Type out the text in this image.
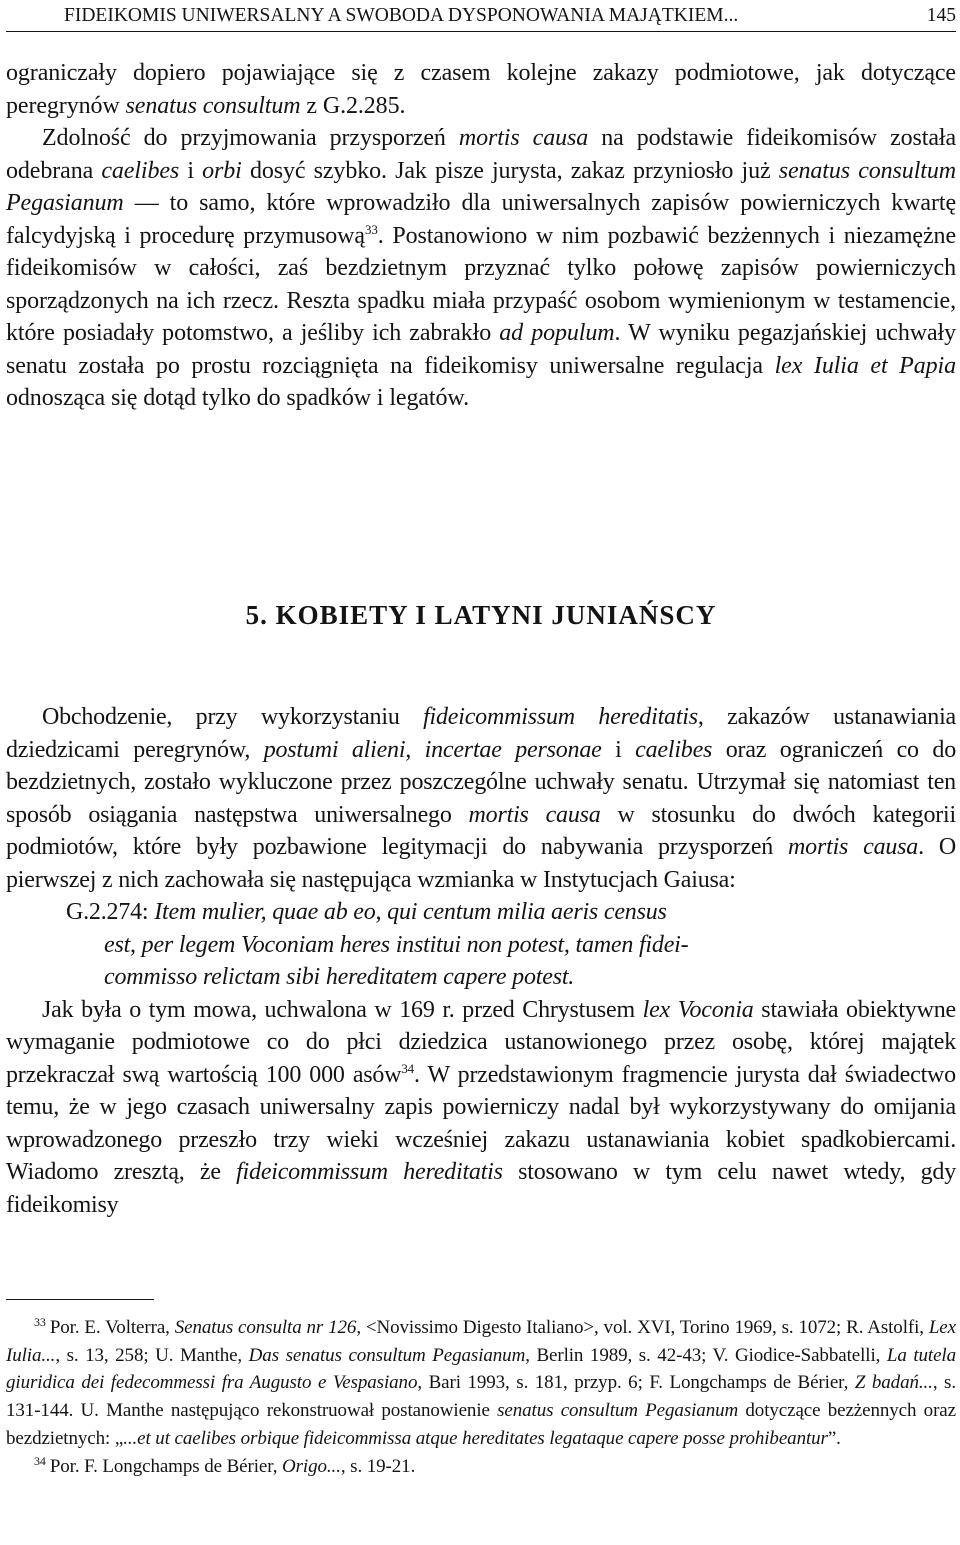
FIDEIKOMIS UNIWERSALNY A SWOBODA DYSPONOWANIA MAJĄTKIEM...	145

ograniczały dopiero pojawiające się z czasem kolejne zakazy podmiotowe, jak dotyczące peregrynów senatus consultum z G.2.285.

Zdolność do przyjmowania przysporzeń mortis causa na podstawie fideikomisów została odebrana caelibes i orbi dosyć szybko. Jak pisze jurysta, zakaz przyniosło już senatus consultum Pegasianum — to samo, które wprowadziło dla uniwersalnych zapisów powierniczych kwartę falcydyjską i procedurę przymusową$^{33}$. Postanowiono w nim pozbawić bezżennych i niezamężne fideikomisów w całości, zaś bezdzietnym przyznać tylko połowę zapisów powierniczych sporządzonych na ich rzecz. Reszta spadku miała przypaść osobom wymienionym w testamencie, które posiadały potomstwo, a jeśliby ich zabrakło ad populum. W wyniku pegazjańskiej uchwały senatu została po prostu rozciągnięta na fideikomisy uniwersalne regulacja lex Iulia et Papia odnosząca się dotąd tylko do spadków i legatów.

5. KOBIETY I LATYNI JUNIAŃSCY

Obchodzenie, przy wykorzystaniu fideicommissum hereditatis, zakazów ustanawiania dziedzicami peregrynów, postumi alieni, incertae personae i caelibes oraz ograniczeń co do bezdzietnych, zostało wykluczone przez poszczególne uchwały senatu. Utrzymał się natomiast ten sposób osiągania następstwa uniwersalnego mortis causa w stosunku do dwóch kategorii podmiotów, które były pozbawione legitymacji do nabywania przysporzeń mortis causa. O pierwszej z nich zachowała się następująca wzmianka w Instytucjach Gaiusa:

G.2.274: Item mulier, quae ab eo, qui centum milia aeris census
est, per legem Voconiam heres institui non potest, tamen fidei-
commisso relictam sibi hereditatem capere potest.

Jak była o tym mowa, uchwalona w 169 r. przed Chrystusem lex Voconia stawiała obiektywne wymaganie podmiotowe co do płci dziedzica ustanowionego przez osobę, której majątek przekraczał swą wartością 100 000 asów$^{34}$. W przedstawionym fragmencie jurysta dał świadectwo temu, że w jego czasach uniwersalny zapis powierniczy nadal był wykorzystywany do omijania wprowadzonego przeszło trzy wieki wcześniej zakazu ustanawiania kobiet spadkobiercami. Wiadomo zresztą, że fideicommissum hereditatis stosowano w tym celu nawet wtedy, gdy fideikomisy

$^{33}$ Por. E. Volterra, Senatus consulta nr 126, <Novissimo Digesto Italiano>, vol. XVI, Torino 1969, s. 1072; R. Astolfi, Lex Iulia..., s. 13, 258; U. Manthe, Das senatus consultum Pegasianum, Berlin 1989, s. 42-43; V. Giodice-Sabbatelli, La tutela giuridica dei fedecommessi fra Augusto e Vespasiano, Bari 1993, s. 181, przyp. 6; F. Longchamps de Bérier, Z badań..., s. 131-144. U. Manthe następująco rekonstruował postanowienie senatus consultum Pegasianum dotyczące bezżennych oraz bezdzietnych: „...et ut caelibes orbique fideicommissa atque hereditates legataque capere posse prohibeantur”.

$^{34}$ Por. F. Longchamps de Bérier, Origo..., s. 19-21.
